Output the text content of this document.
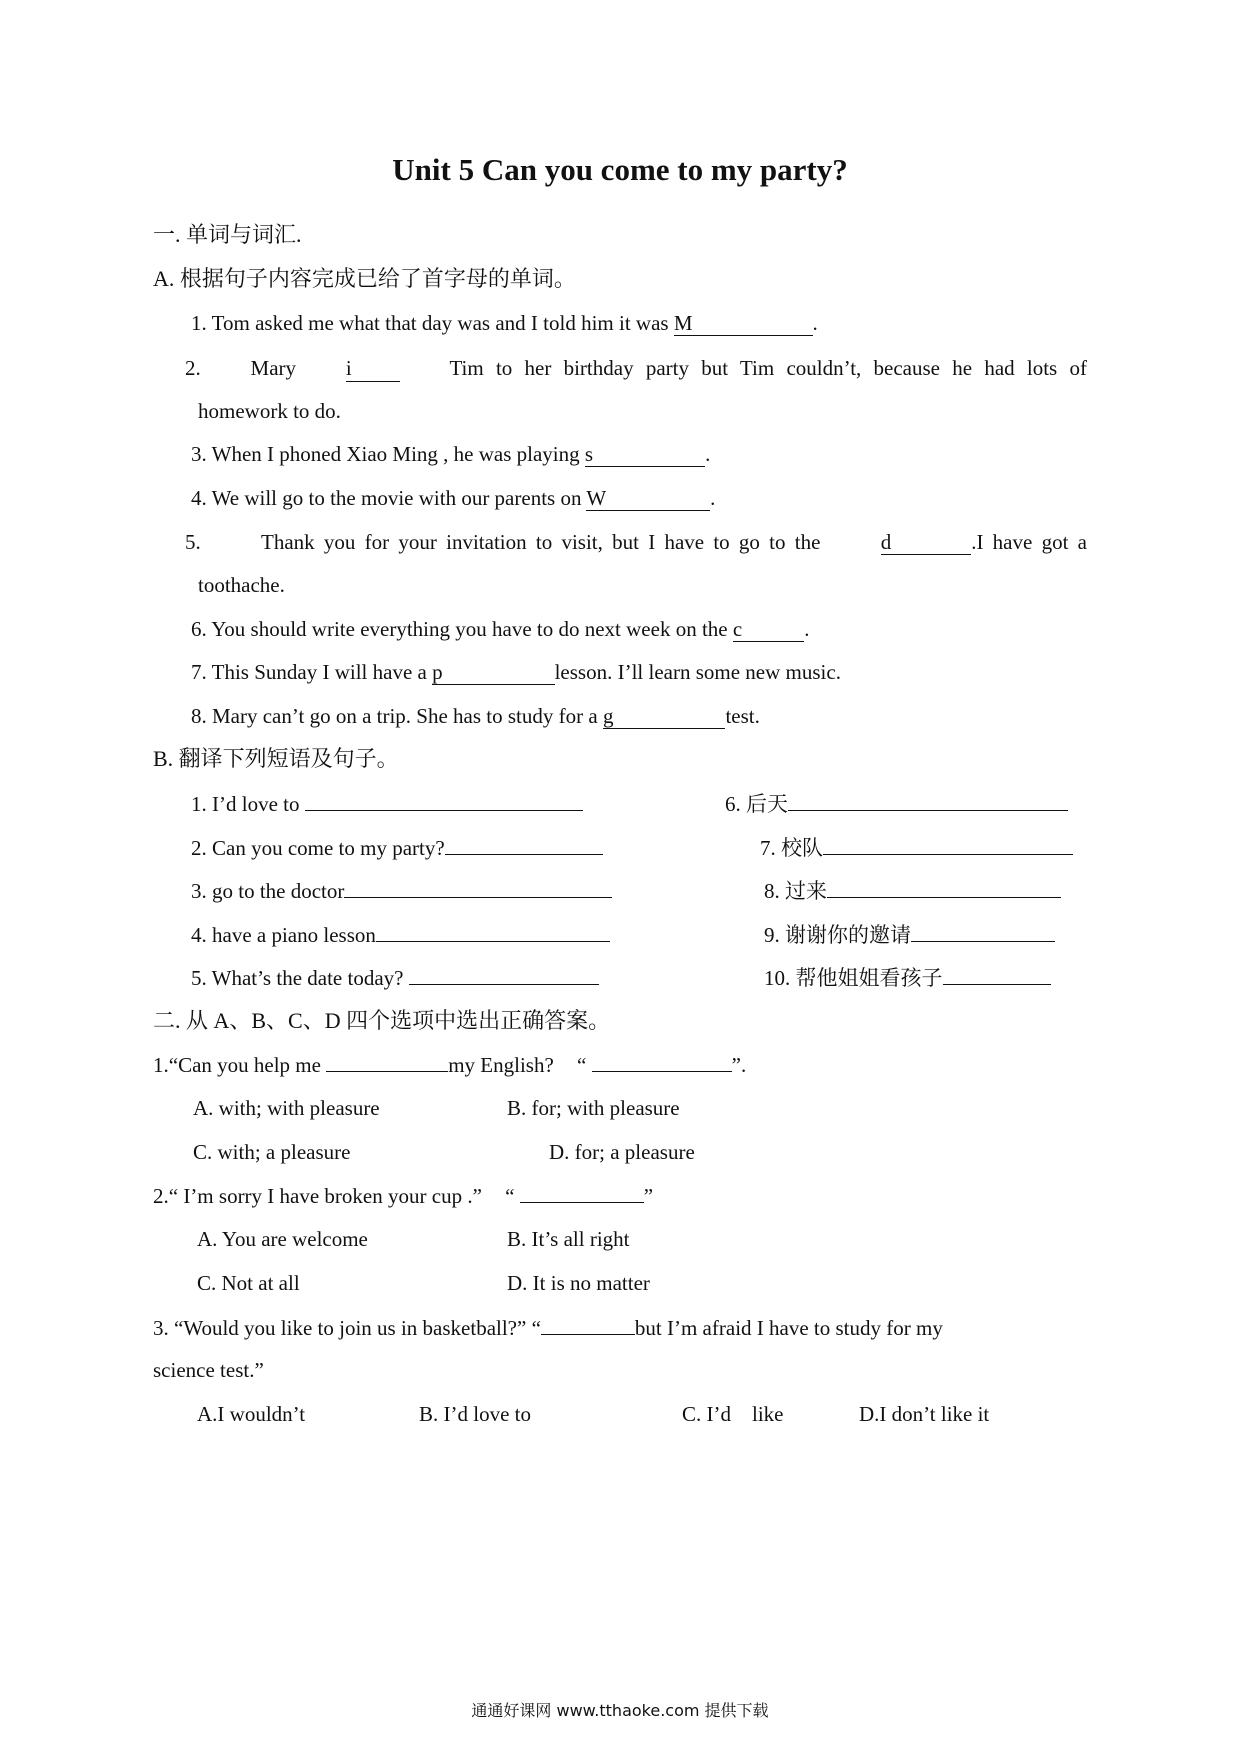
Unit 5 Can you come to my party?
一. 单词与词汇.
A. 根据句子内容完成已给了首字母的单词。
1. Tom asked me what that day was and I told him it was M	.
2. Mary i	Tim to her birthday party but Tim couldn’t, because he had lots of
homework to do.
3. When I phoned Xiao Ming , he was playing s	.
4. We will go to the movie with our parents on W	.
5.	Thank you for your invitation to visit, but I have to go to the	d	.I have got a
toothache.
6. You should write everything you have to do next week on the c	.
7. This Sunday I will have a p	lesson. I’ll learn some new music.
8. Mary can’t go on a trip. She has to study for a g	test.
B. 翻译下列短语及句子。
1. I’d love to
2. Can you come to my party?
3. go to the doctor
4. have a piano lesson
5. What’s the date today?
6. 后天
7. 校队
8. 过来
9. 谢谢你的邀请
10. 帮他姐姐看孩子
二. 从 A、B、C、D 四个选项中选出正确答案。
1.“Can you help me	my English? “	”.
A. with; with pleasure	B. for; with pleasure
C. with; a pleasure	D. for; a pleasure
2.“ I’m sorry I have broken your cup .” “	”
A. You are welcome	B. It’s all right
C. Not at all	D. It is no matter
3. “Would you like to join us in basketball?” “	but I’m afraid I have to study for my
science test.”
A.I wouldn’t	B. I’d love to	C. I’d    like	D.I don’t like it
通通好课网 www.tthaoke.com 提供下载
